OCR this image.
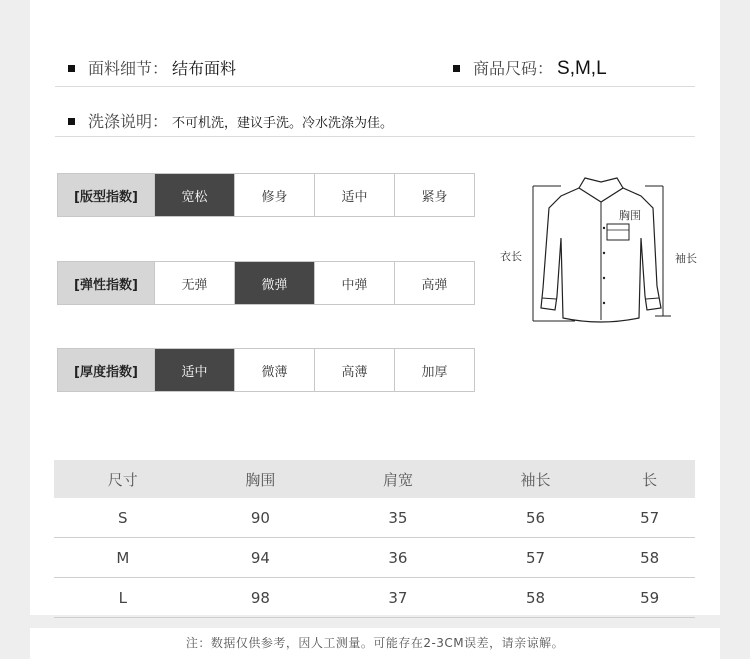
面料细节： 结布面料	商品尺码： S,M,L
洗涤说明： 不可机洗，建议手洗。冷水洗涤为佳。
[版型指数]	宽松	修身	适中	紧身
[弹性指数]	无弹	微弹	中弹	高弹
[厚度指数]	适中	微薄	高薄	加厚
胸围
衣长	袖长
尺寸	胸围	肩宽	袖长	长
S	90	35	56	57
M	94	36	57	58
L	98	37	58	59
注：数据仅供参考，因人工测量。可能存在2-3CM误差，请亲谅解。
